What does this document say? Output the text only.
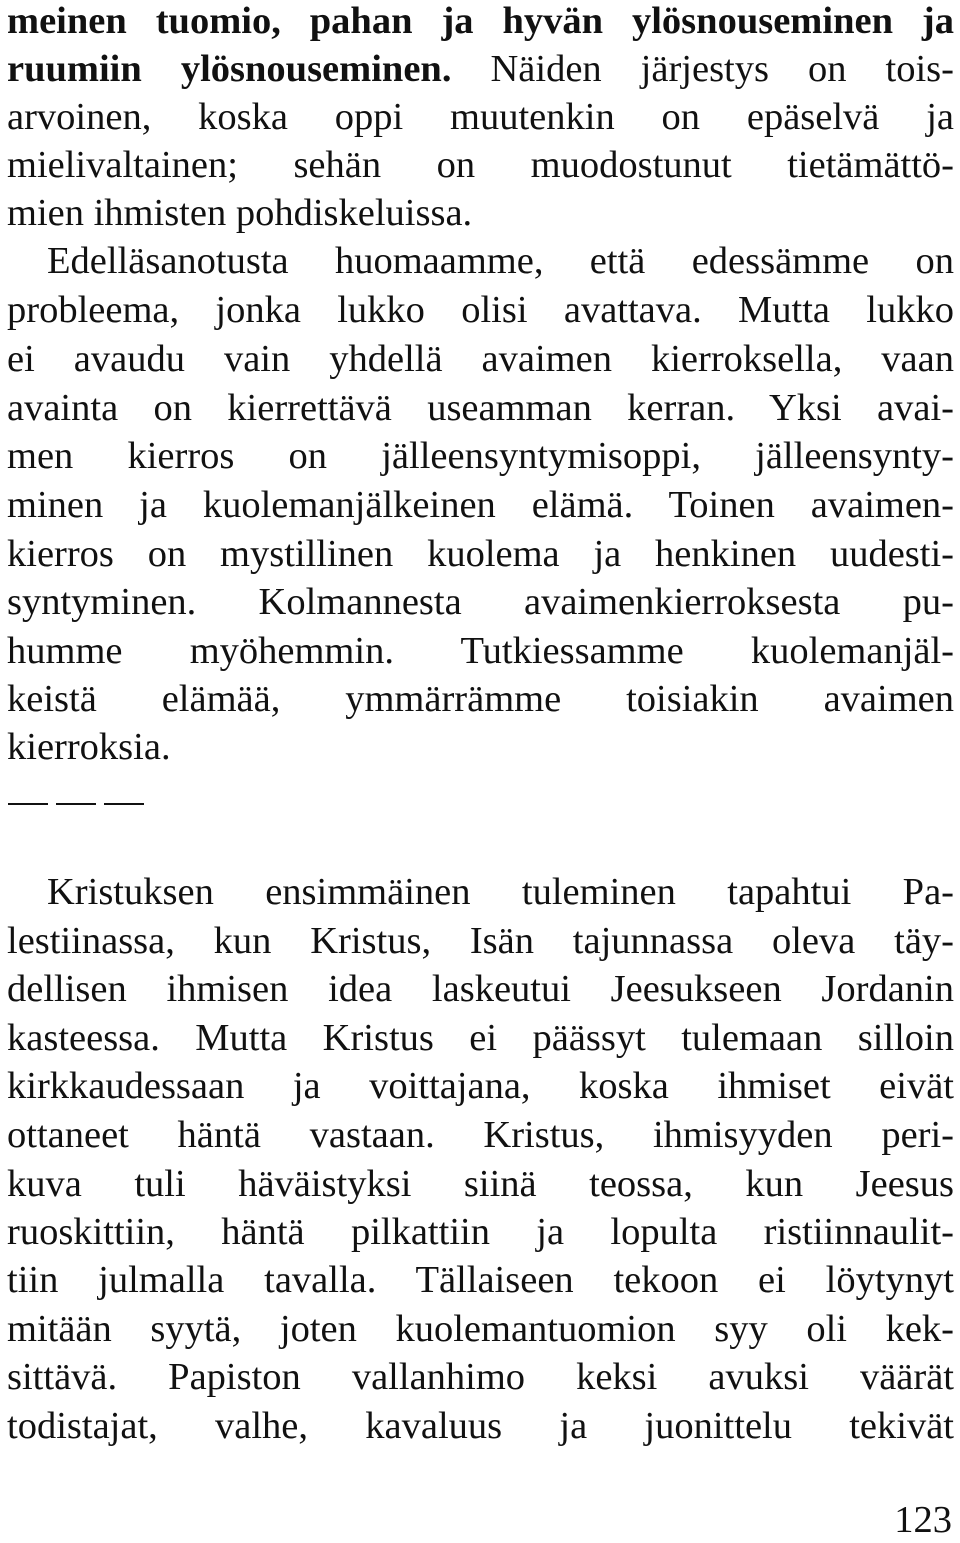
meinen tuomio, pahan ja hyvän ylösnouseminen ja
ruumiin ylösnouseminen. Näiden järjestys on tois-
arvoinen, koska oppi muutenkin on epäselvä ja
mielivaltainen; sehän on muodostunut tietämättö-
mien ihmisten pohdiskeluissa.
Edelläsanotusta huomaamme, että edessämme on
probleema, jonka lukko olisi avattava. Mutta lukko
ei avaudu vain yhdellä avaimen kierroksella, vaan
avainta on kierrettävä useamman kerran. Yksi avai-
men kierros on jälleensyntymisoppi, jälleensynty-
minen ja kuolemanjälkeinen elämä. Toinen avaimen-
kierros on mystillinen kuolema ja henkinen uudesti-
syntyminen. Kolmannesta avaimenkierroksesta pu-
humme myöhemmin. Tutkiessamme kuolemanjäl-
keistä elämää, ymmärrämme toisiakin avaimen
kierroksia.
Kristuksen ensimmäinen tuleminen tapahtui Pa-
lestiinassa, kun Kristus, Isän tajunnassa oleva täy-
dellisen ihmisen idea laskeutui Jeesukseen Jordanin
kasteessa. Mutta Kristus ei päässyt tulemaan silloin
kirkkaudessaan ja voittajana, koska ihmiset eivät
ottaneet häntä vastaan. Kristus, ihmisyyden peri-
kuva tuli häväistyksi siinä teossa, kun Jeesus
ruoskittiin, häntä pilkattiin ja lopulta ristiinnaulit-
tiin julmalla tavalla. Tällaiseen tekoon ei löytynyt
mitään syytä, joten kuolemantuomion syy oli kek-
sittävä. Papiston vallanhimo keksi avuksi väärät
todistajat, valhe, kavaluus ja juonittelu tekivät
123
